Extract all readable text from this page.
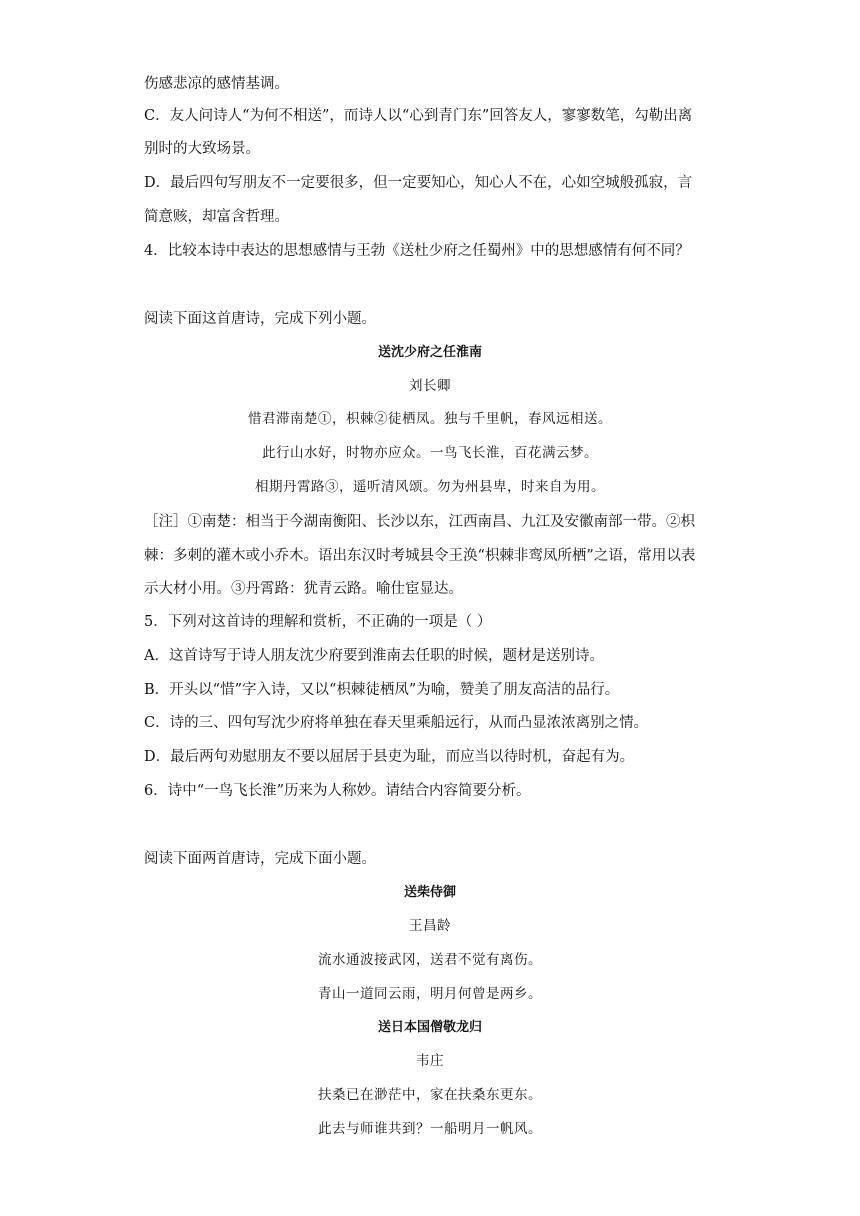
伤感悲凉的感情基调。
C．友人问诗人“为何不相送”，而诗人以“心到青门东”回答友人，寥寥数笔，勾勒出离
别时的大致场景。
D．最后四句写朋友不一定要很多，但一定要知心，知心人不在，心如空城般孤寂，言
简意赅，却富含哲理。
4．比较本诗中表达的思想感情与王勃《送杜少府之任蜀州》中的思想感情有何不同？
阅读下面这首唐诗，完成下列小题。
送沈少府之任淮南
刘长卿
惜君滞南楚①，枳棘②徒栖凤。独与千里帆，春风远相送。
此行山水好，时物亦应众。一鸟飞长淮，百花满云梦。
相期丹霄路③，遥听清风颂。勿为州县卑，时来自为用。
［注］①南楚：相当于今湖南衡阳、长沙以东，江西南昌、九江及安徽南部一带。②枳
棘：多刺的灌木或小乔木。语出东汉时考城县令王涣“枳棘非鸾凤所栖”之语，常用以表
示大材小用。③丹霄路：犹青云路。喻仕宦显达。
5．下列对这首诗的理解和赏析，不正确的一项是（ ）
A．这首诗写于诗人朋友沈少府要到淮南去任职的时候，题材是送别诗。
B．开头以“惜”字入诗，又以“枳棘徒栖凤”为喻，赞美了朋友高洁的品行。
C．诗的三、四句写沈少府将单独在春天里乘船远行，从而凸显浓浓离别之情。
D．最后两句劝慰朋友不要以屈居于县吏为耻，而应当以待时机，奋起有为。
6．诗中“一鸟飞长淮”历来为人称妙。请结合内容简要分析。
阅读下面两首唐诗，完成下面小题。
送柴侍御
王昌龄
流水通波接武冈，送君不觉有离伤。
青山一道同云雨，明月何曾是两乡。
送日本国僧敬龙归
韦庄
扶桑已在渺茫中，家在扶桑东更东。
此去与师谁共到？一船明月一帆风。
